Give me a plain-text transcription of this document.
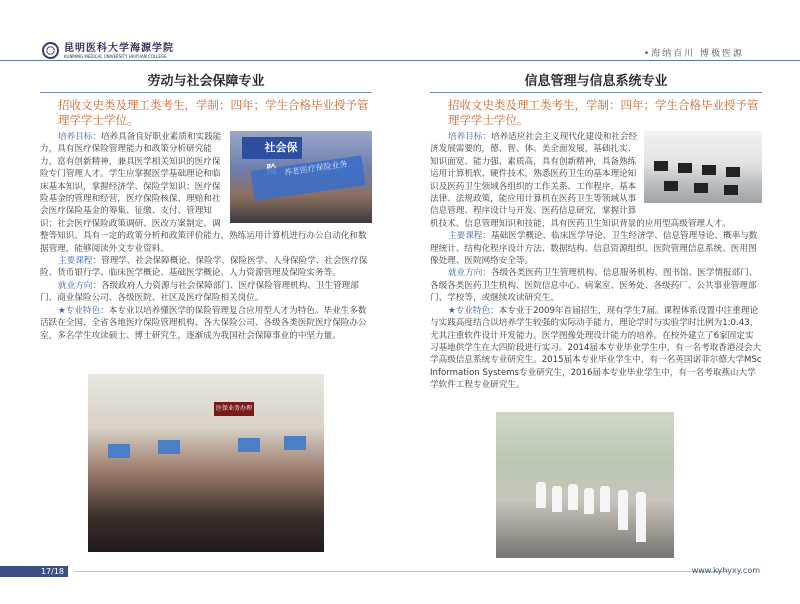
昆明医科大学海源学院
KUNMING MEDICAL UNIVERSITY HAIYUAN COLLEGE	•海纳百川 博极医源
劳动与社会保障专业

招收文史类及理工类考生，学制：四年；学生合格毕业授予管理学学士学位。

社会保
养老医疗保险业务
培养目标：培养具备良好职业素质和实践能力，具有医疗保险管理能力和政策分析研究能力，富有创新精神，兼具医学相关知识的医疗保险专门管理人才。学生应掌握医学基础理论和临床基本知识，掌握经济学、保险学知识；医疗保险基金的管理和经营，医疗保险核保、理赔和社会医疗保险基金的筹集、征缴、支付、管理知识；社会医疗保险政策调研、医改方案制定、调整等知识。具有一定的政策分析和政策评价能力，熟练运用计算机进行办公自动化和数据管理，能够阅读外文专业资料。

主要课程：管理学、社会保障概论、保险学、保险医学、人身保险学、社会医疗保险、货币银行学、临床医学概论、基础医学概论、人力资源管理及保险实务等。

就业方向：各级政府人力资源与社会保障部门、医疗保险管理机构、卫生管理部门、商业保险公司、各级医院、社区及医疗保险相关岗位。

★专业特色：本专业以培养懂医学的保险管理复合应用型人才为特色。毕业生多数活跃在全国、全省各地医疗保险管理机构、各大保险公司、各级各类医院医疗保险办公室，多名学生攻读硕士、博士研究生，逐渐成为我国社会保障事业的中坚力量。

医保业务办理
信息管理与信息系统专业

招收文史类及理工类考生，学制：四年；学生合格毕业授予管理学学士学位。

培养目标：培养适应社会主义现代化建设和社会经济发展需要的，德、智、体、美全面发展，基础扎实、知识面宽、能力强、素质高，具有创新精神，具备熟练运用计算机软、硬件技术，熟悉医药卫生的基本理论知识及医药卫生领域各组织的工作关系、工作程序，基本法律、法规政策，能应用计算机在医药卫生等领域从事信息管理、程序设计与开发、医药信息研究，掌握计算机技术、信息管理知识和技能，具有医药卫生知识背景的应用型高级管理人才。

主要课程：基础医学概论、临床医学导论、卫生经济学、信息管理导论、概率与数理统计、结构化程序设计方法、数据结构、信息资源组织、医院管理信息系统、医用图像处理、医院网络安全等。

就业方向：各级各类医药卫生管理机构、信息服务机构、图书馆、医学情报部门、各级各类医药卫生机构、医院信息中心、病案室、医务处、各级药厂、公共事业管理部门、学校等，或继续攻读研究生。

★专业特色：本专业于2009年首届招生，现有学生7届。课程体系设置中注重理论与实践高度结合以培养学生较强的实际动手能力，理论学时与实验学时比例为1:0.43，尤其注重软件设计开发能力。医学图像处理设计能力的培养。在校外建立了6家固定实习基地供学生在大四阶段进行实习。2014届本专业毕业学生中，有一名考取香港浸会大学高级信息系统专业研究生。2015届本专业毕业学生中，有一名英国诺菲尔德大学MSc Information Systems专业研究生，2016届本专业毕业学生中，有一名考取燕山大学学软件工程专业研究生。

17/18	www.kyhyxy.com
